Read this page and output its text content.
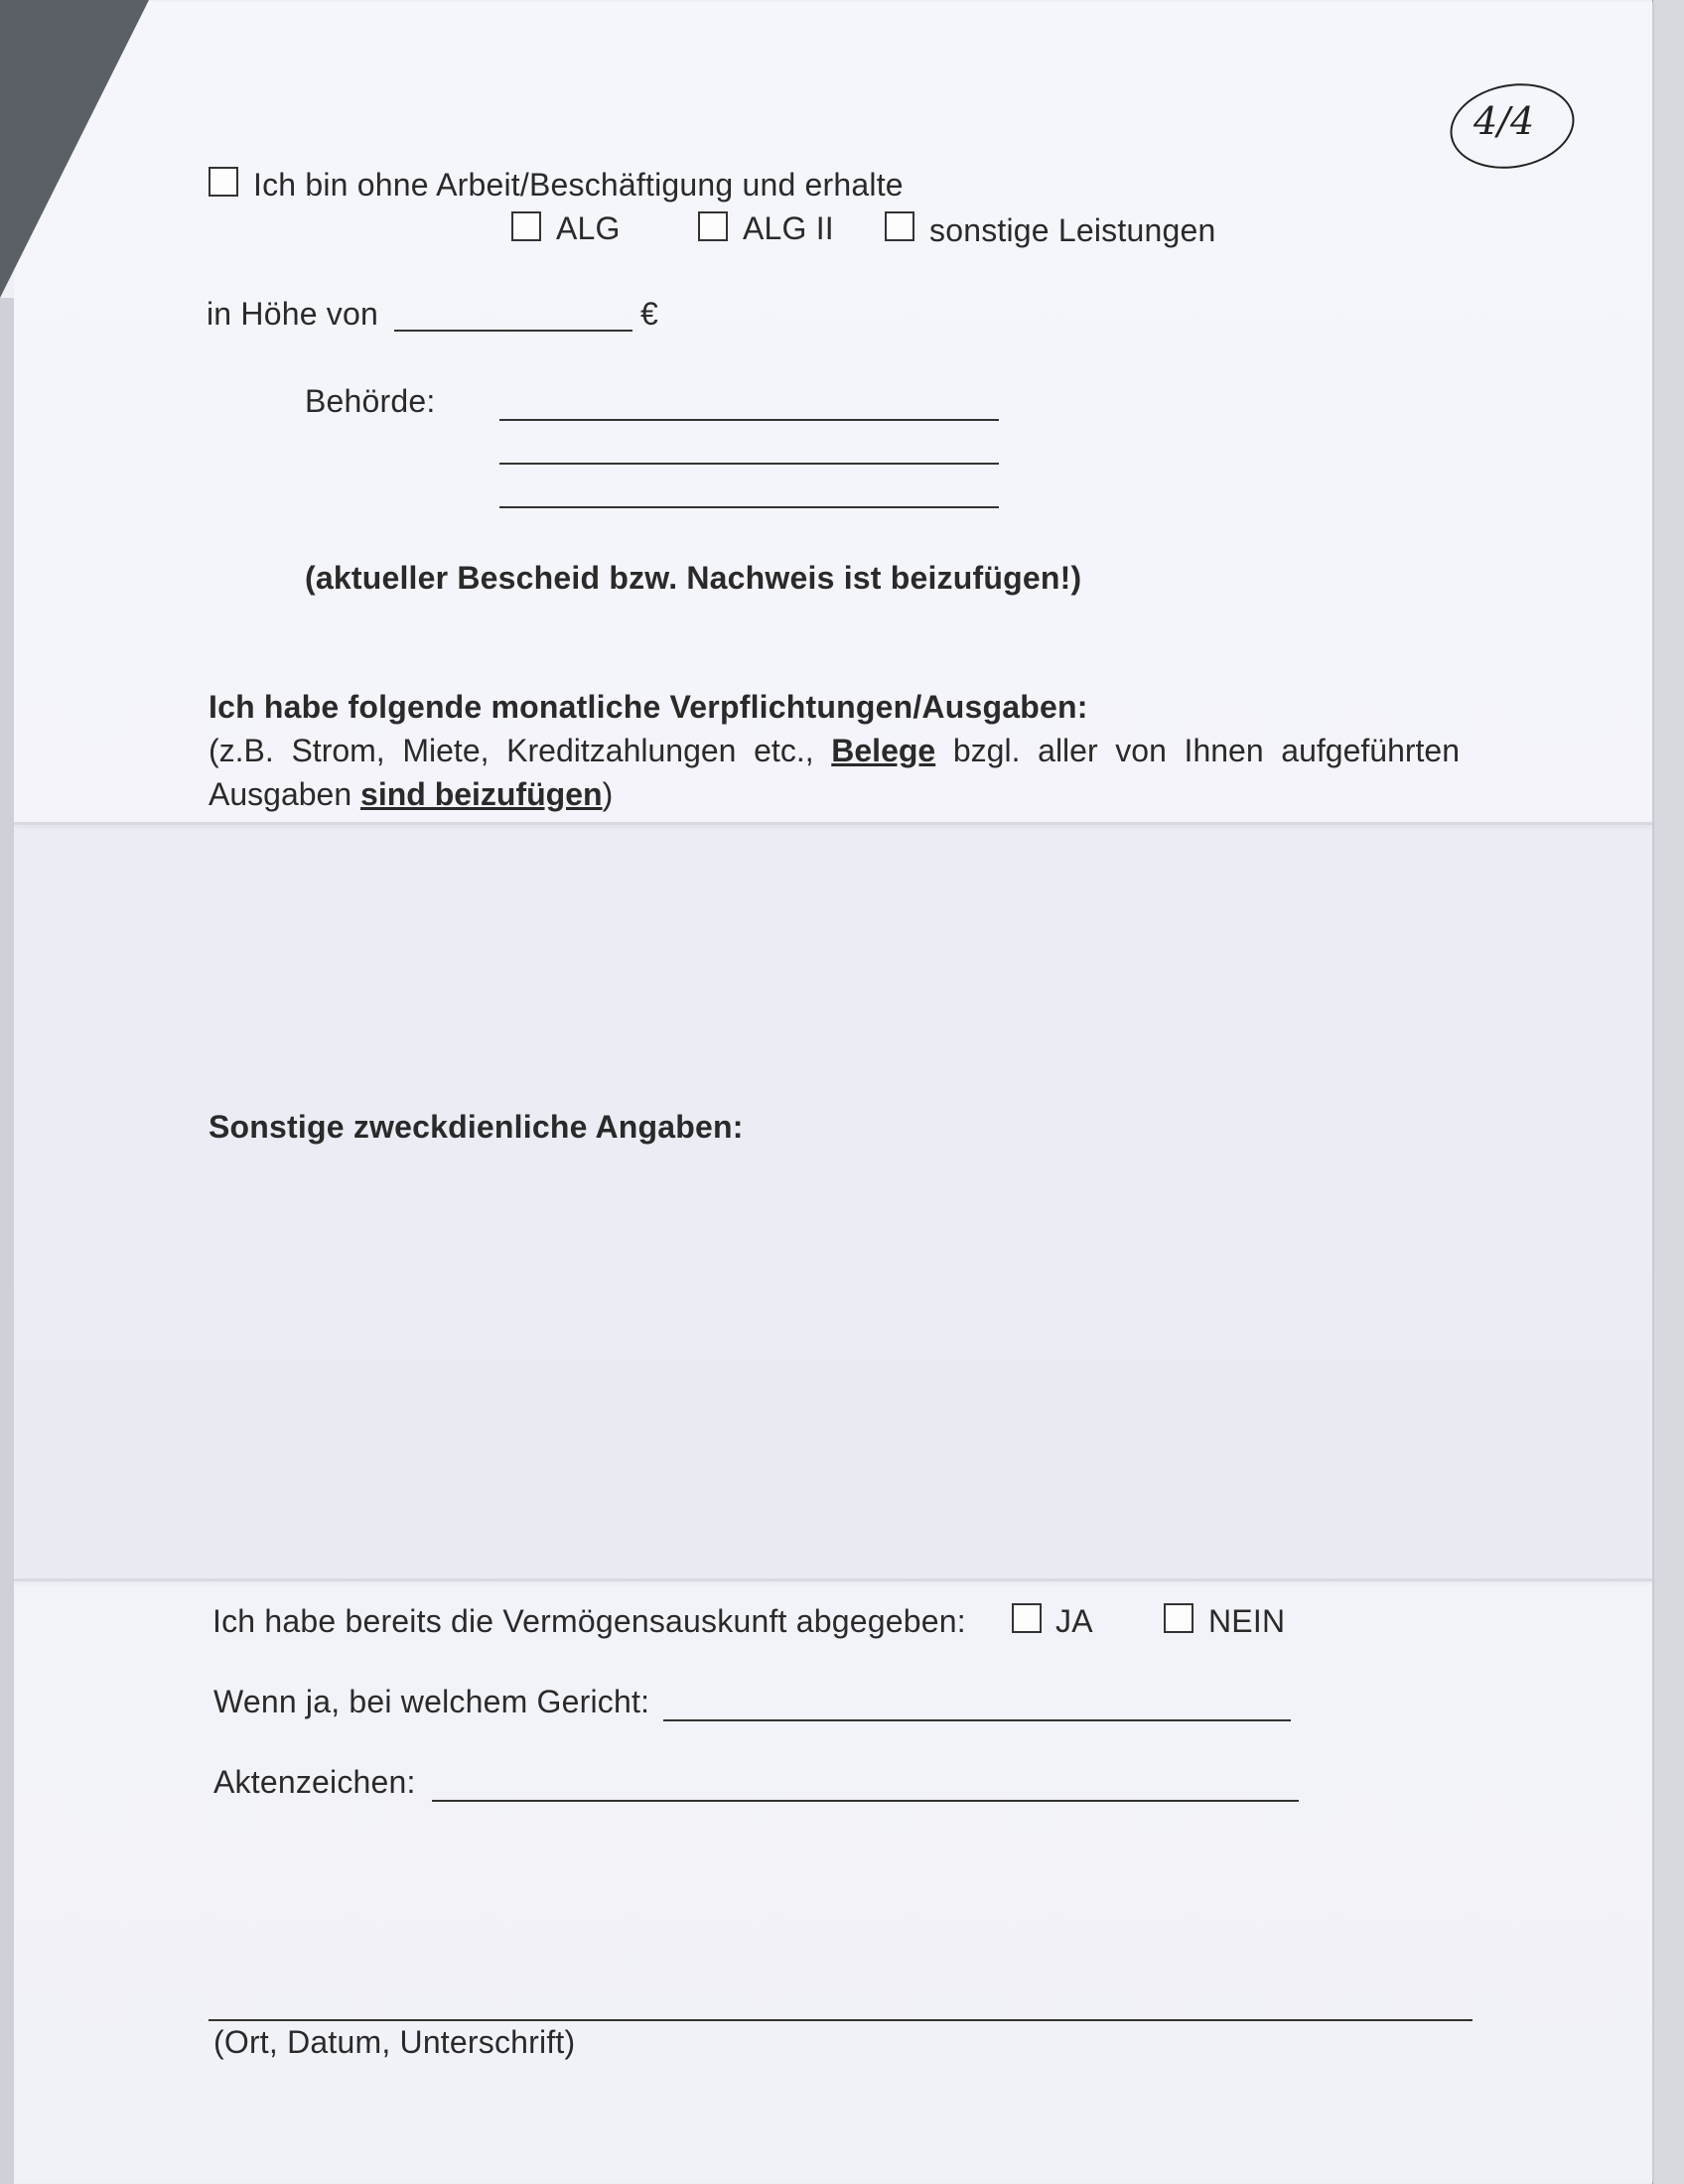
4/4
Ich bin ohne Arbeit/Beschäftigung und erhalte
ALG	ALG II	sonstige Leistungen
in Höhe von	€
Behörde:
(aktueller Bescheid bzw. Nachweis ist beizufügen!)
Ich habe folgende monatliche Verpflichtungen/Ausgaben:
(z.B. Strom, Miete, Kreditzahlungen etc., Belege bzgl. aller von Ihnen aufgeführten Ausgaben sind beizufügen)
Sonstige zweckdienliche Angaben:
Ich habe bereits die Vermögensauskunft abgegeben:	JA	NEIN
Wenn ja, bei welchem Gericht:
Aktenzeichen:
(Ort, Datum, Unterschrift)
